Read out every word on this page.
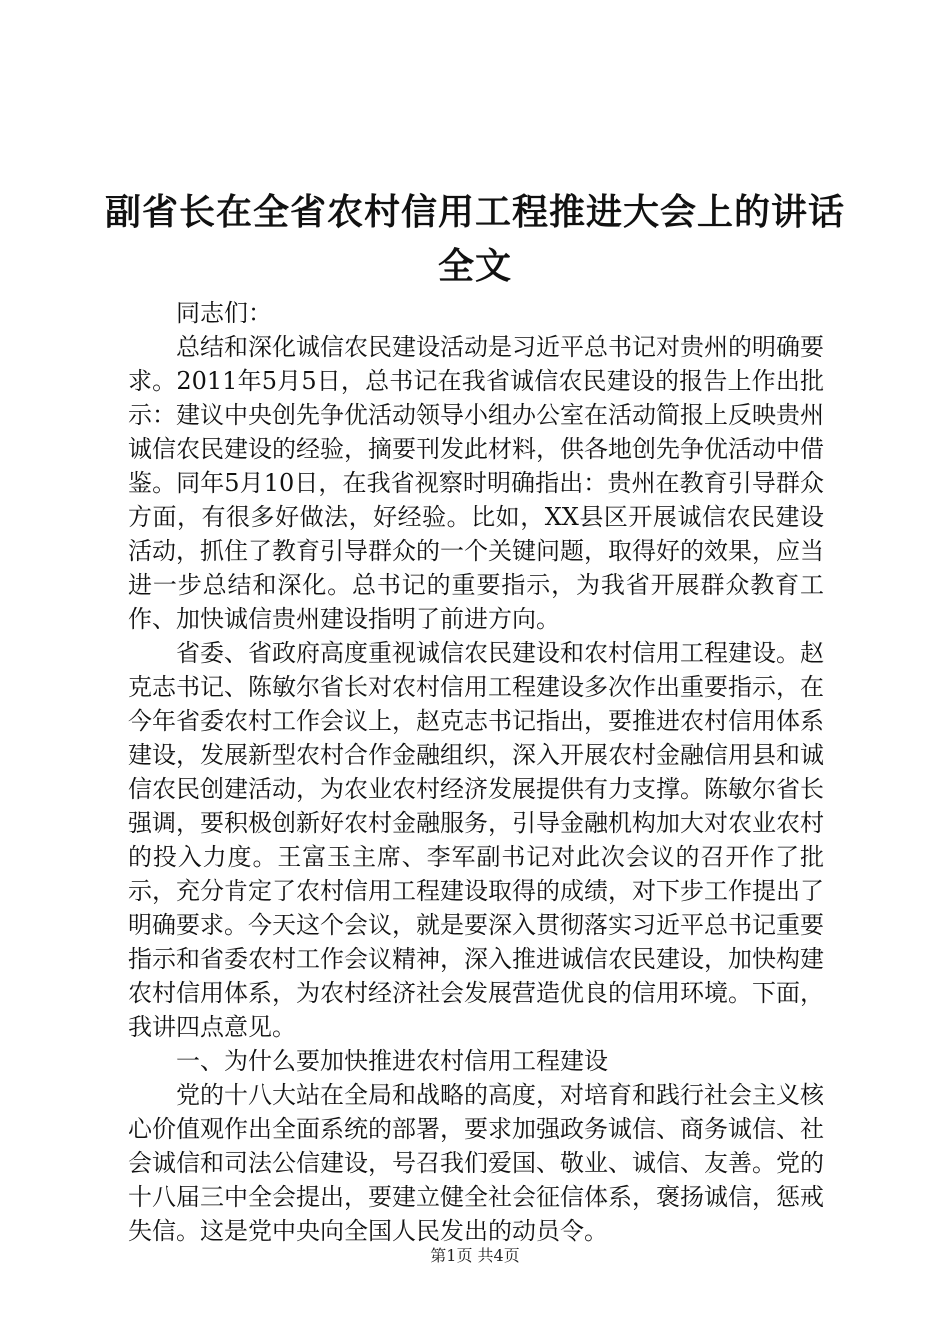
副省长在全省农村信用工程推进大会上的讲话
全文

同志们：

总结和深化诚信农民建设活动是习近平总书记对贵州的明确要求。2011年5月5日，总书记在我省诚信农民建设的报告上作出批示：建议中央创先争优活动领导小组办公室在活动简报上反映贵州诚信农民建设的经验，摘要刊发此材料，供各地创先争优活动中借鉴。同年5月10日，在我省视察时明确指出：贵州在教育引导群众方面，有很多好做法，好经验。比如，XX县区开展诚信农民建设活动，抓住了教育引导群众的一个关键问题，取得好的效果，应当进一步总结和深化。总书记的重要指示，为我省开展群众教育工作、加快诚信贵州建设指明了前进方向。

省委、省政府高度重视诚信农民建设和农村信用工程建设。赵克志书记、陈敏尔省长对农村信用工程建设多次作出重要指示，在今年省委农村工作会议上，赵克志书记指出，要推进农村信用体系建设，发展新型农村合作金融组织，深入开展农村金融信用县和诚信农民创建活动，为农业农村经济发展提供有力支撑。陈敏尔省长强调，要积极创新好农村金融服务，引导金融机构加大对农业农村的投入力度。王富玉主席、李军副书记对此次会议的召开作了批示，充分肯定了农村信用工程建设取得的成绩，对下步工作提出了明确要求。今天这个会议，就是要深入贯彻落实习近平总书记重要指示和省委农村工作会议精神，深入推进诚信农民建设，加快构建农村信用体系，为农村经济社会发展营造优良的信用环境。下面，我讲四点意见。

一、为什么要加快推进农村信用工程建设

党的十八大站在全局和战略的高度，对培育和践行社会主义核心价值观作出全面系统的部署，要求加强政务诚信、商务诚信、社会诚信和司法公信建设，号召我们爱国、敬业、诚信、友善。党的十八届三中全会提出，要建立健全社会征信体系，褒扬诚信，惩戒失信。这是党中央向全国人民发出的动员令。

第1页 共4页
